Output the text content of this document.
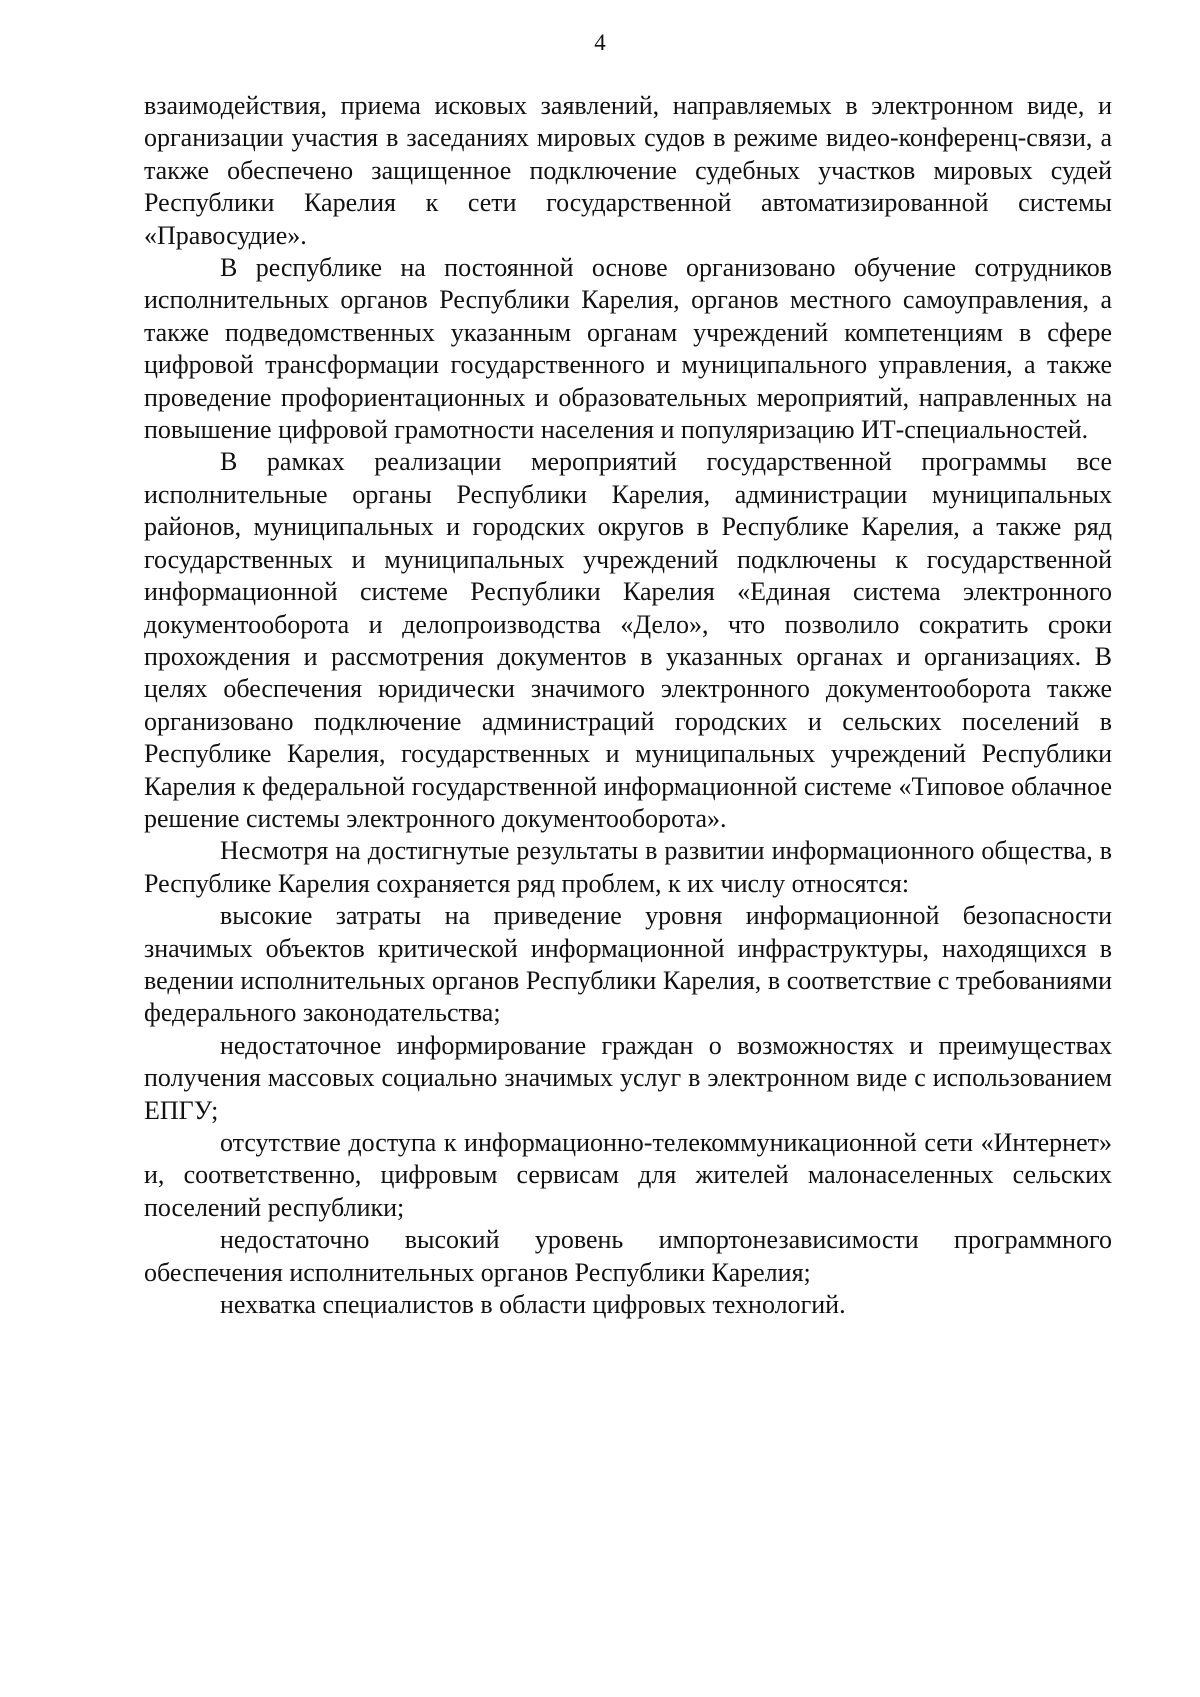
4

взаимодействия, приема исковых заявлений, направляемых в электронном виде, и организации участия в заседаниях мировых судов в режиме видео-конференц-связи, а также обеспечено защищенное подключение судебных участков мировых судей Республики Карелия к сети государственной автоматизированной системы «Правосудие».

В республике на постоянной основе организовано обучение сотрудников исполнительных органов Республики Карелия, органов местного самоуправления, а также подведомственных указанным органам учреждений компетенциям в сфере цифровой трансформации государственного и муниципального управления, а также проведение профориентационных и образовательных мероприятий, направленных на повышение цифровой грамотности населения и популяризацию ИТ-специальностей.

В рамках реализации мероприятий государственной программы все исполнительные органы Республики Карелия, администрации муниципальных районов, муниципальных и городских округов в Республике Карелия, а также ряд государственных и муниципальных учреждений подключены к государственной информационной системе Республики Карелия «Единая система электронного документооборота и делопроизводства «Дело», что позволило сократить сроки прохождения и рассмотрения документов в указанных органах и организациях. В целях обеспечения юридически значимого электронного документооборота также организовано подключение администраций городских и сельских поселений в Республике Карелия, государственных и муниципальных учреждений Республики Карелия к федеральной государственной информационной системе «Типовое облачное решение системы электронного документооборота».

Несмотря на достигнутые результаты в развитии информационного общества, в Республике Карелия сохраняется ряд проблем, к их числу относятся:

высокие затраты на приведение уровня информационной безопасности значимых объектов критической информационной инфраструктуры, находящихся в ведении исполнительных органов Республики Карелия, в соответствие с требованиями федерального законодательства;

недостаточное информирование граждан о возможностях и преимуществах получения массовых социально значимых услуг в электронном виде с использованием ЕПГУ;

отсутствие доступа к информационно-телекоммуникационной сети «Интернет» и, соответственно, цифровым сервисам для жителей малонаселенных сельских поселений республики;

недостаточно высокий уровень импортонезависимости программного обеспечения исполнительных органов Республики Карелия;

нехватка специалистов в области цифровых технологий.
